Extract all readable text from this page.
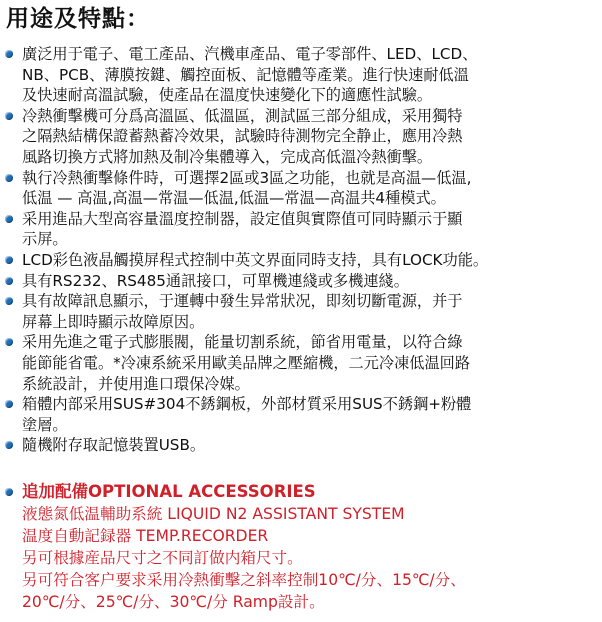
用途及特點：
廣泛用于電子、電工產品、汽機車產品、電子零部件、LED、LCD、
NB、PCB、薄膜按鍵、觸控面板、記憶體等產業。進行快速耐低溫
及快速耐高溫試驗，使產品在溫度快速變化下的適應性試驗。
冷熱衝擊機可分爲高溫區、低溫區，測試區三部分組成，采用獨特
之隔熱結構保證蓄熱蓄冷效果，試驗時待測物完全静止，應用冷熱
風路切換方式將加熱及制冷集體導入，完成高低溫冷熱衝擊。
執行冷熱衝擊條件時，可選擇2區或3區之功能，也就是高温—低温,
低温 — 高温,高温—常温—低温,低温—常温—高温共4種模式。
采用進品大型高容量溫度控制器，設定值與實際值可同時顯示于顯
示屏。
LCD彩色液晶觸摸屏程式控制中英文界面同時支持，具有LOCK功能。
具有RS232、RS485通訊接口，可單機連綫或多機連綫。
具有故障訊息顯示，于運轉中發生异常狀况，即刻切斷電源，并于
屏幕上即時顯示故障原因。
采用先進之電子式膨脹閥，能量切割系統，節省用電量，以符合綠
能節能省電。*冷凍系統采用歐美品牌之壓縮機，二元冷凍低温回路
系統設計，并使用進口環保冷媒。
箱體内部采用SUS#304不銹鋼板，外部材質采用SUS不銹鋼+粉體
塗層。
隨機附存取記憶裝置USB。
追加配備OPTIONAL ACCESSORIES
液態氮低温輔助系統 LIQUID N2 ASSISTANT SYSTEM
温度自動記録器 TEMP.RECORDER
另可根據産品尺寸之不同訂做内箱尺寸。
另可符合客户要求采用冷熱衝擊之斜率控制10℃/分、15℃/分、
20℃/分、25℃/分、30℃/分 Ramp設計。
